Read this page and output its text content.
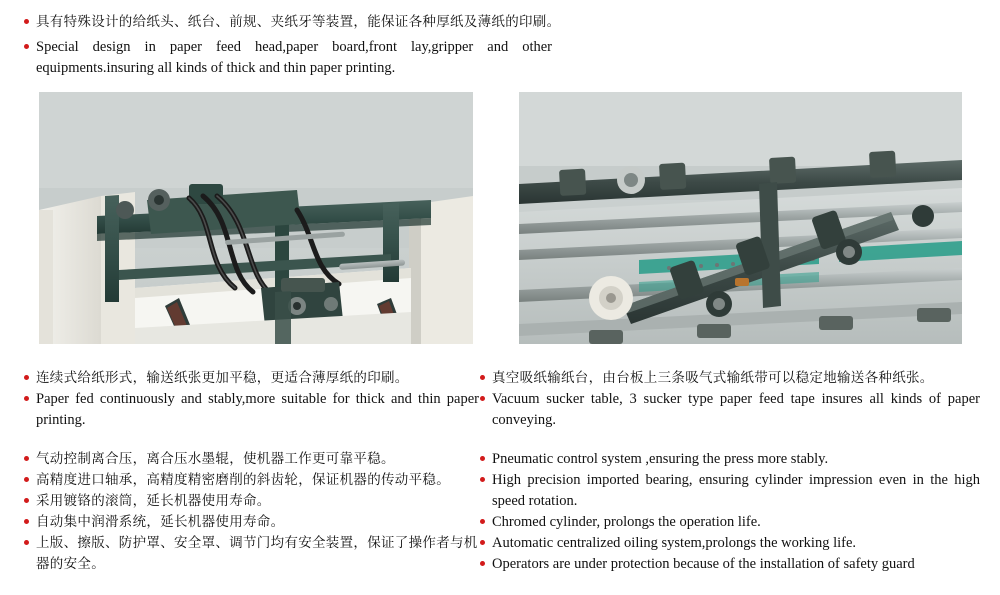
具有特殊设计的给纸头、纸台、前规、夹纸牙等装置，能保证各种厚纸及薄纸的印刷。
Special design in paper feed head,paper board,front lay,gripper and other equipments.insuring all kinds of thick and thin paper printing.
连续式给纸形式，输送纸张更加平稳，更适合薄厚纸的印刷。
Paper fed continuously and stably,more suitable for thick and thin paper printing.
气动控制离合压，离合压水墨辊，使机器工作更可靠平稳。
高精度进口轴承，高精度精密磨削的斜齿轮，保证机器的传动平稳。
采用镀铬的滚筒，延长机器使用寿命。
自动集中润滑系统，延长机器使用寿命。
上版、擦版、防护罩、安全罩、调节门均有安全装置，保证了操作者与机器的安全。
真空吸纸输纸台，由台板上三条吸气式输纸带可以稳定地输送各种纸张。
Vacuum sucker table, 3 sucker type paper feed tape insures all kinds of paper conveying.
Pneumatic control system ,ensuring the press more stably.
High precision imported bearing, ensuring cylinder impression even in the high speed rotation.
Chromed cylinder, prolongs the operation life.
Automatic centralized oiling system,prolongs the working life.
Operators are under protection because of the installation of safety guard
